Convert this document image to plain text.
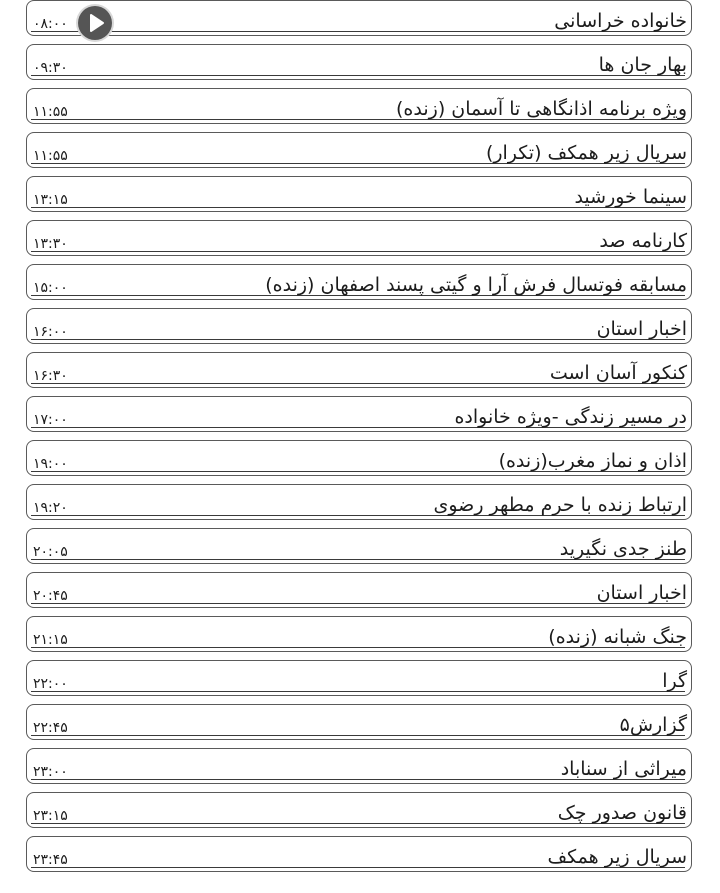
خانواده خراسانی
۰۸:۰۰
بهار جان ها
۰۹:۳۰
ویژه برنامه اذانگاهی تا آسمان (زنده)
۱۱:۵۵
سریال زیر همکف (تکرار)
۱۱:۵۵
سینما خورشید
۱۳:۱۵
کارنامه صد
۱۳:۳۰
مسابقه فوتسال فرش آرا و گیتی پسند اصفهان (زنده)
۱۵:۰۰
اخبار استان
۱۶:۰۰
کنکور آسان است
۱۶:۳۰
در مسیر زندگی -ویژه خانواده
۱۷:۰۰
اذان و نماز مغرب(زنده)
۱۹:۰۰
ارتباط زنده با حرم مطهر رضوی
۱۹:۲۰
طنز جدی نگیرید
۲۰:۰۵
اخبار استان
۲۰:۴۵
جنگ شبانه (زنده)
۲۱:۱۵
گرا
۲۲:۰۰
گزارش۵
۲۲:۴۵
میراثی از سناباد
۲۳:۰۰
قانون صدور چک
۲۳:۱۵
سریال زیر همکف
۲۳:۴۵
